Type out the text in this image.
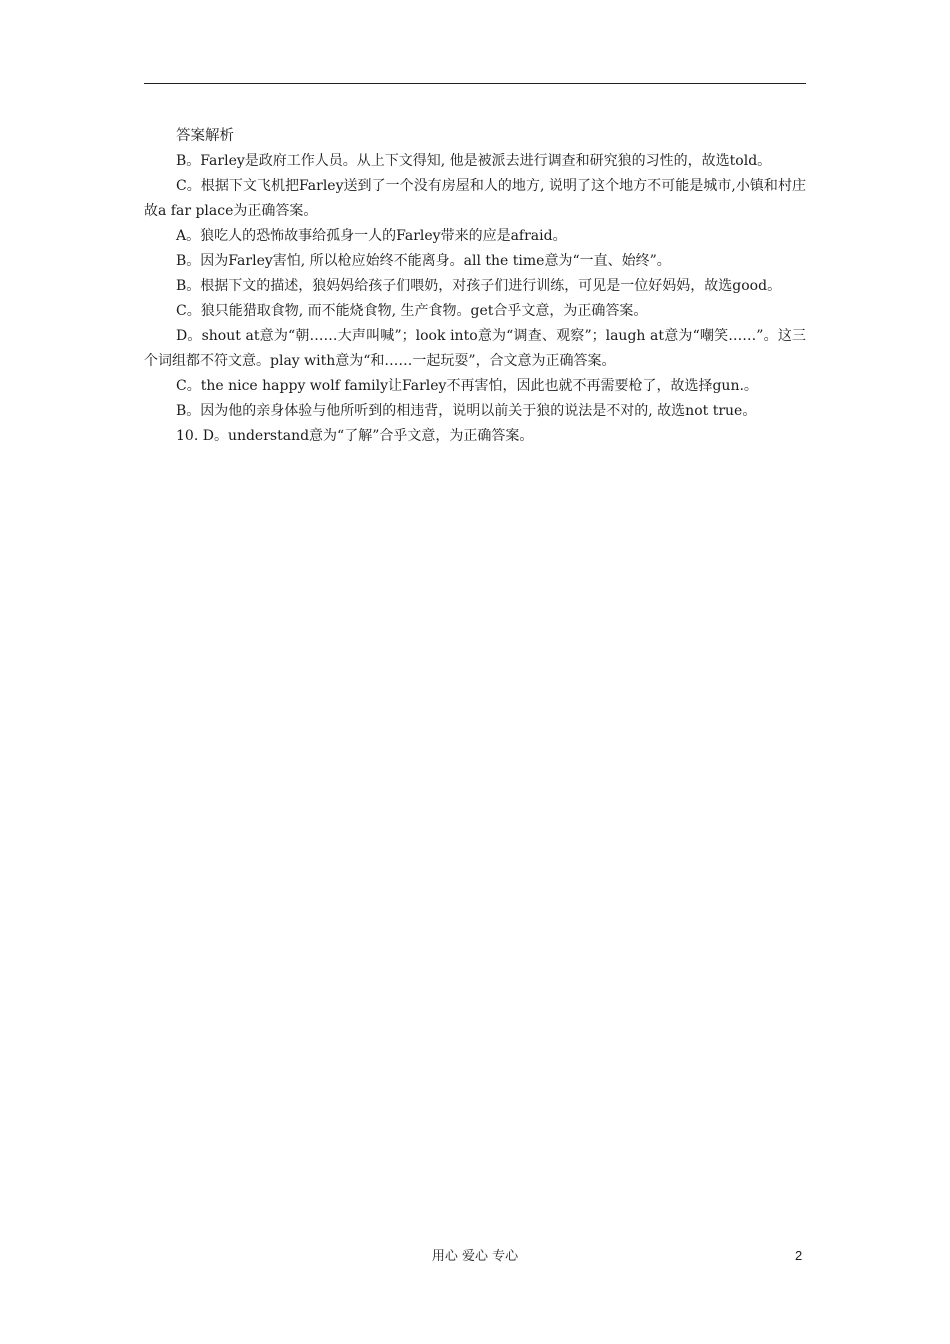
答案解析

B。Farley是政府工作人员。从上下文得知, 他是被派去进行调查和研究狼的习性的，故选told。

C。根据下文飞机把Farley送到了一个没有房屋和人的地方, 说明了这个地方不可能是城市,小镇和村庄故a far place为正确答案。

A。狼吃人的恐怖故事给孤身一人的Farley带来的应是afraid。

B。因为Farley害怕, 所以枪应始终不能离身。all the time意为“一直、始终”。

B。根据下文的描述，狼妈妈给孩子们喂奶，对孩子们进行训练，可见是一位好妈妈，故选good。

C。狼只能猎取食物, 而不能烧食物, 生产食物。get合乎文意，为正确答案。

D。shout at意为“朝……大声叫喊”；look into意为“调查、观察”；laugh at意为“嘲笑……”。这三个词组都不符文意。play with意为“和……一起玩耍”，合文意为正确答案。

C。the nice happy wolf family让Farley不再害怕，因此也就不再需要枪了，故选择gun.。

B。因为他的亲身体验与他所听到的相违背，说明以前关于狼的说法是不对的, 故选not true。

10. D。understand意为“了解”合乎文意，为正确答案。

用心 爱心 专心	2
